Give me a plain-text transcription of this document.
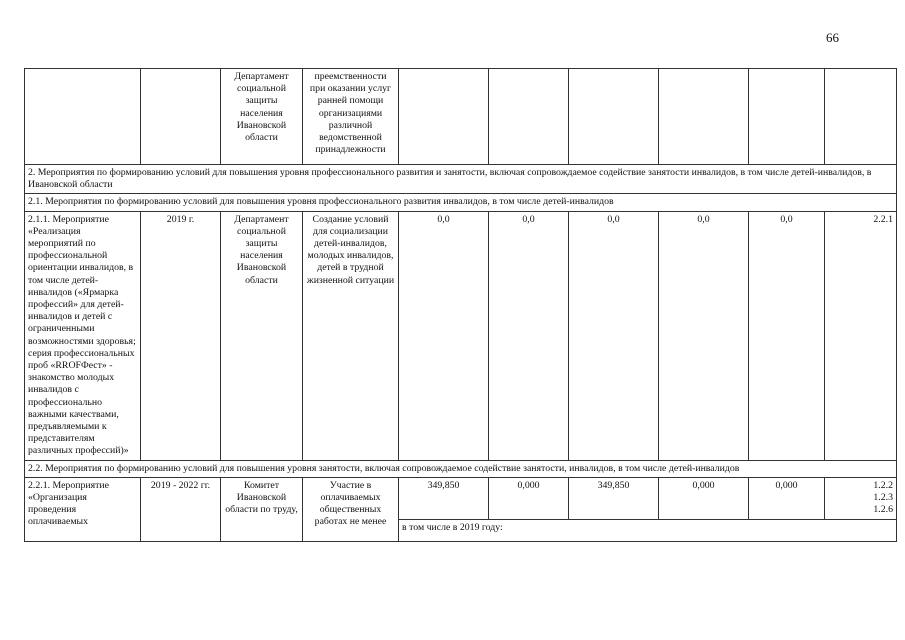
66
		Департамент социальной защиты населения Ивановской области	преемственности при оказании услуг ранней помощи организациями различной ведомственной принадлежности						
2. Мероприятия по формированию условий для повышения уровня профессионального развития и занятости, включая сопровождаемое содействие занятости инвалидов, в том числе детей-инвалидов, в Ивановской области									
2.1. Мероприятия по формированию условий для повышения уровня профессионального развития инвалидов, в том числе детей-инвалидов									
2.1.1. Мероприятие «Реализация мероприятий по профессиональной ориентации инвалидов, в том числе детей-инвалидов («Ярмарка профессий» для детей-инвалидов и детей с ограниченными возможностями здоровья; серия профессиональных проб «RROFФест» - знакомство молодых инвалидов с профессионально важными качествами, предъявляемыми к представителям различных профессий)»	2019 г.	Департамент социальной защиты населения Ивановской области	Создание условий для социализации детей-инвалидов, молодых инвалидов, детей в трудной жизненной ситуации	0,0	0,0	0,0	0,0	0,0	2.2.1
2.2. Мероприятия по формированию условий для повышения уровня занятости, включая сопровождаемое содействие занятости, инвалидов, в том числе детей-инвалидов									
2.2.1. Мероприятие «Организация проведения оплачиваемых	2019 - 2022 гг.	Комитет Ивановской области по труду,	Участие в оплачиваемых общественных работах не менее	349,850	0,000	349,850	0,000	0,000	1.2.2
1.2.3
1.2.6

				в том числе в 2019 году:					
